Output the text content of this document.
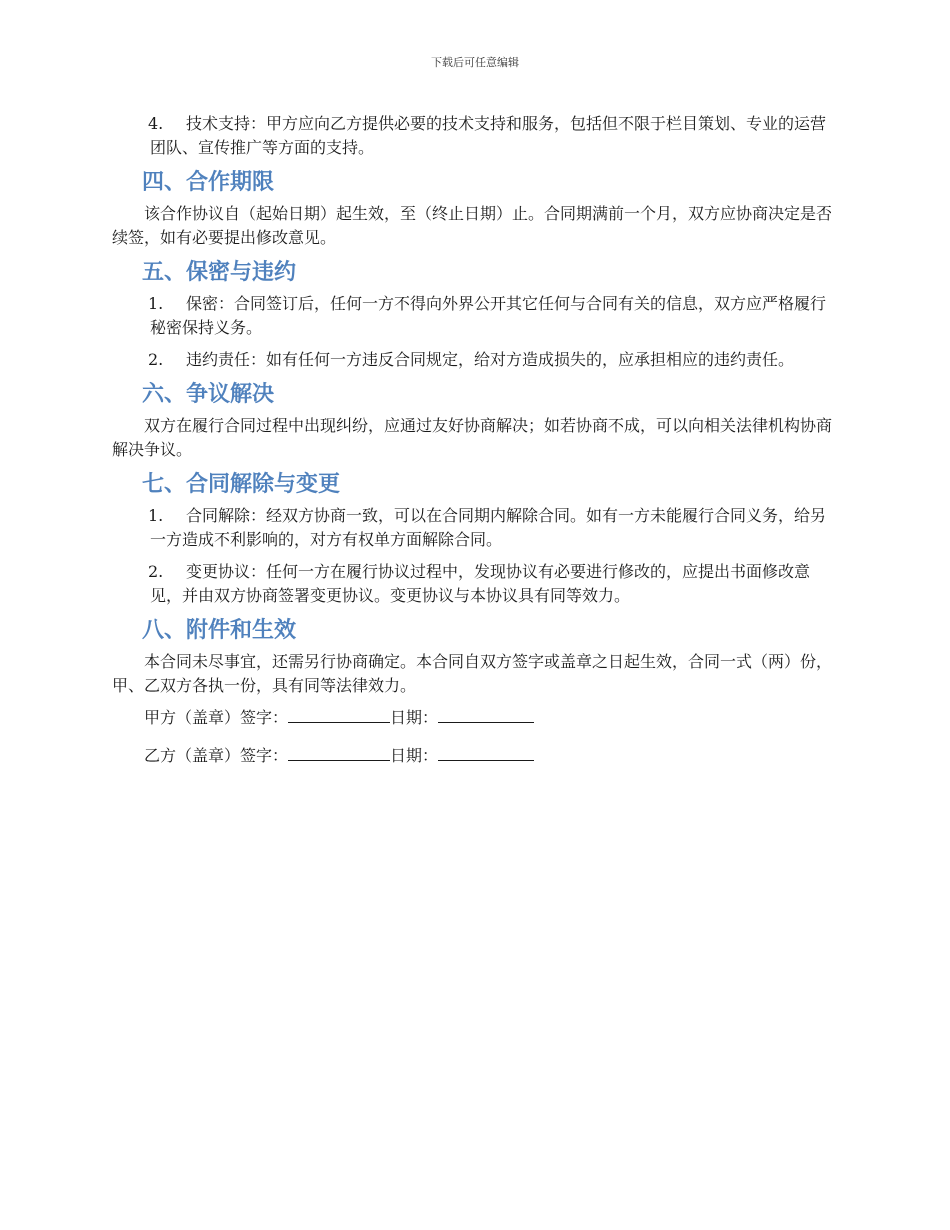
下载后可任意编辑
4. 技术支持：甲方应向乙方提供必要的技术支持和服务，包括但不限于栏目策划、专业的运营团队、宣传推广等方面的支持。
四、合作期限
该合作协议自（起始日期）起生效，至（终止日期）止。合同期满前一个月，双方应协商决定是否续签，如有必要提出修改意见。
五、保密与违约
1. 保密：合同签订后，任何一方不得向外界公开其它任何与合同有关的信息，双方应严格履行秘密保持义务。
2. 违约责任：如有任何一方违反合同规定，给对方造成损失的，应承担相应的违约责任。
六、争议解决
双方在履行合同过程中出现纠纷，应通过友好协商解决；如若协商不成，可以向相关法律机构协商解决争议。
七、合同解除与变更
1. 合同解除：经双方协商一致，可以在合同期内解除合同。如有一方未能履行合同义务，给另一方造成不利影响的，对方有权单方面解除合同。
2. 变更协议：任何一方在履行协议过程中，发现协议有必要进行修改的，应提出书面修改意见，并由双方协商签署变更协议。变更协议与本协议具有同等效力。
八、附件和生效
本合同未尽事宜，还需另行协商确定。本合同自双方签字或盖章之日起生效，合同一式（两）份，甲、乙双方各执一份，具有同等法律效力。
甲方（盖章）签字：	日期：
乙方（盖章）签字：	日期：
